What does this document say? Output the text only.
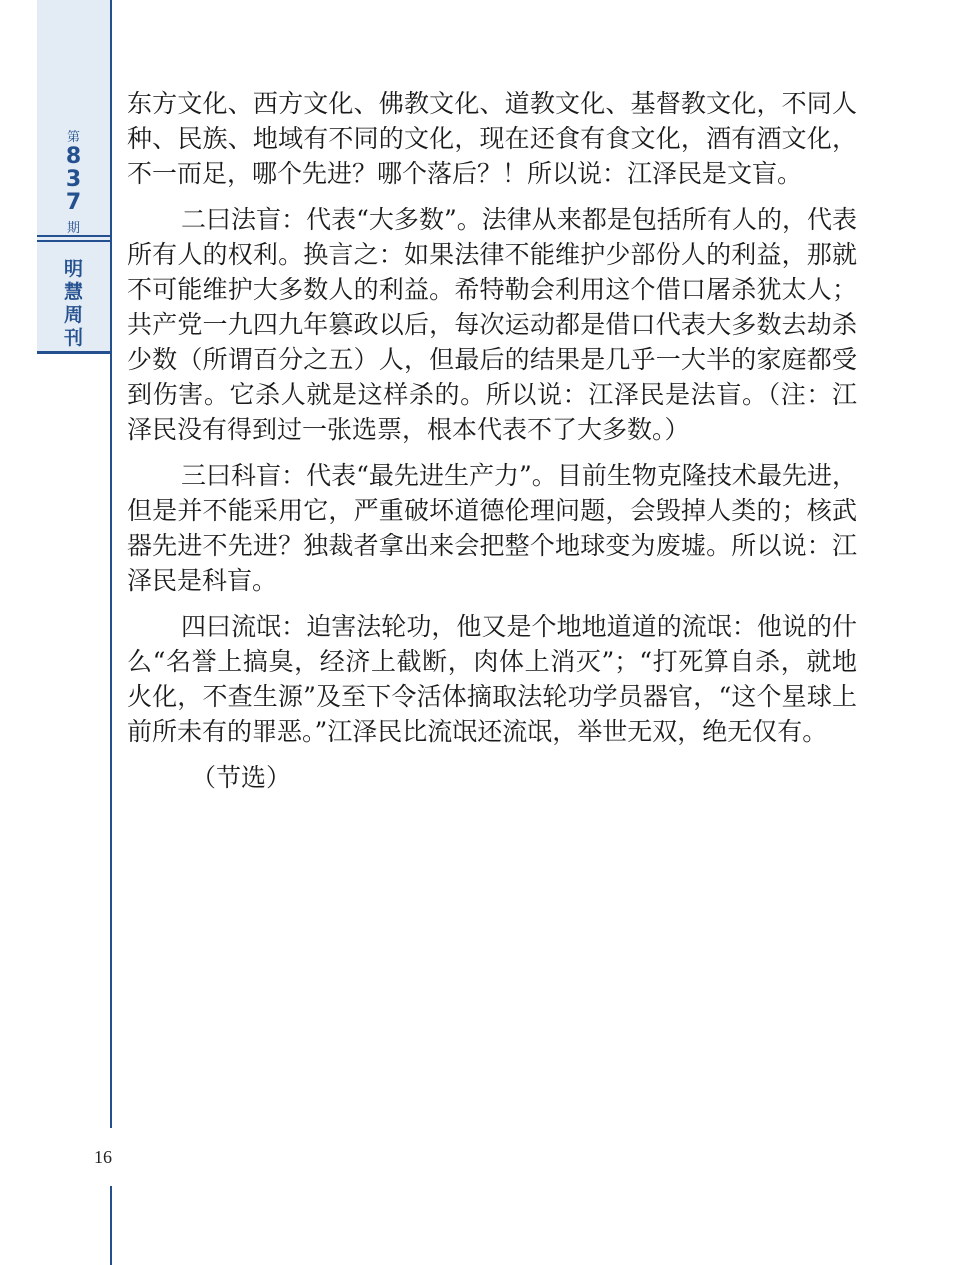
第
8
3
7
期
明
慧
周
刊

东方文化、西方文化、佛教文化、道教文化、基督教文化，不同人种、民族、地域有不同的文化，现在还食有食文化，酒有酒文化，不一而足，哪个先进？哪个落后？！所以说：江泽民是文盲。

二曰法盲：代表“大多数”。法律从来都是包括所有人的，代表所有人的权利。换言之：如果法律不能维护少部份人的利益，那就不可能维护大多数人的利益。希特勒会利用这个借口屠杀犹太人；共产党一九四九年篡政以后，每次运动都是借口代表大多数去劫杀少数（所谓百分之五）人，但最后的结果是几乎一大半的家庭都受到伤害。它杀人就是这样杀的。所以说：江泽民是法盲。（注：江泽民没有得到过一张选票，根本代表不了大多数。）

三曰科盲：代表“最先进生产力”。目前生物克隆技术最先进，但是并不能采用它，严重破坏道德伦理问题，会毁掉人类的；核武器先进不先进？独裁者拿出来会把整个地球变为废墟。所以说：江泽民是科盲。

四曰流氓：迫害法轮功，他又是个地地道道的流氓：他说的什么“名誉上搞臭，经济上截断，肉体上消灭”；“打死算自杀，就地火化，不查生源”及至下令活体摘取法轮功学员器官，“这个星球上前所未有的罪恶。”江泽民比流氓还流氓，举世无双，绝无仅有。

（节选）

16
